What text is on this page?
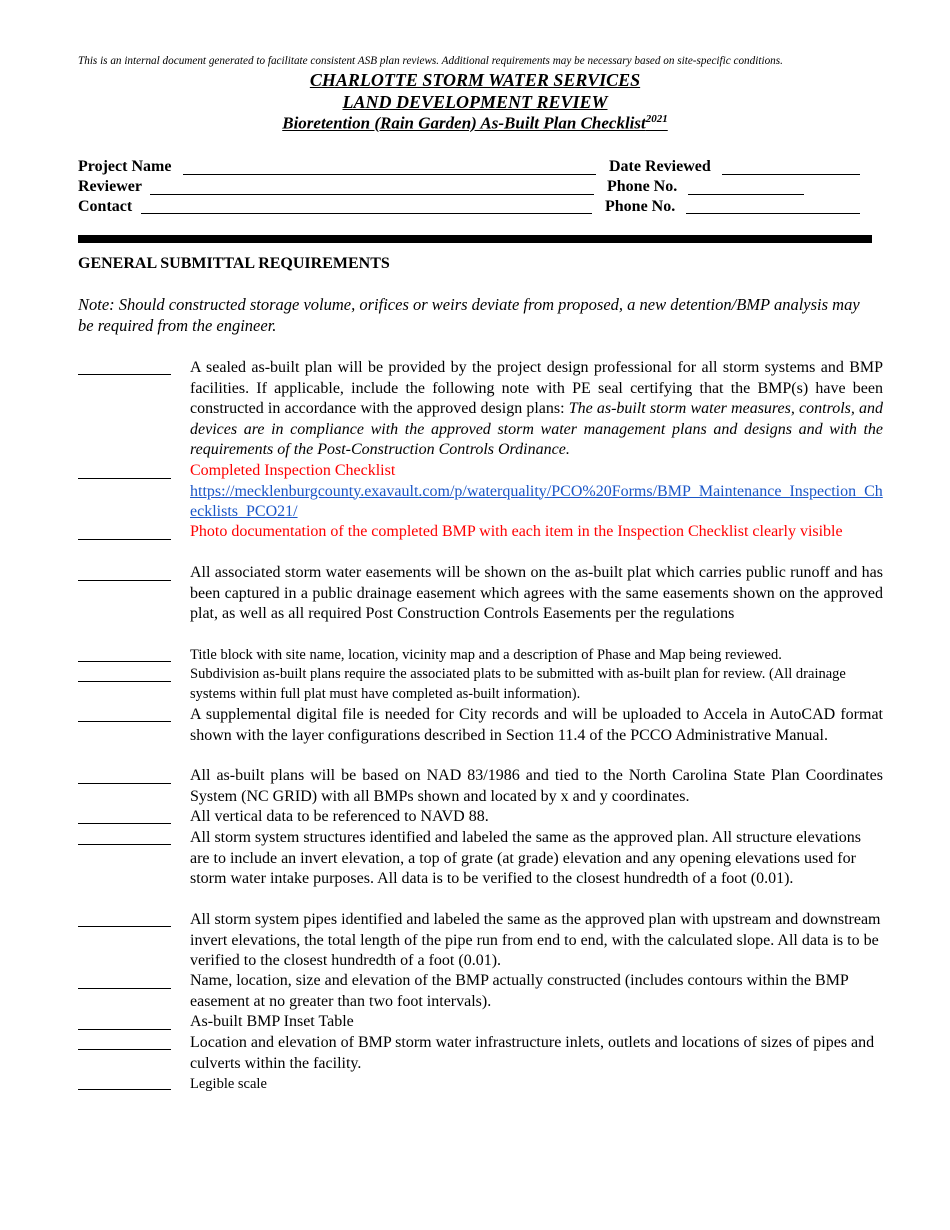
This is an internal document generated to facilitate consistent ASB plan reviews. Additional requirements may be necessary based on site-specific conditions.
CHARLOTTE STORM WATER SERVICES
LAND DEVELOPMENT REVIEW
Bioretention (Rain Garden) As-Built Plan Checklist$^{2021}$
Project Name	Date Reviewed
Reviewer	Phone No.
Contact	Phone No.
GENERAL SUBMITTAL REQUIREMENTS
Note: Should constructed storage volume, orifices or weirs deviate from proposed, a new detention/BMP analysis may be required from the engineer.
A sealed as-built plan will be provided by the project design professional for all storm systems and BMP facilities. If applicable, include the following note with PE seal certifying that the BMP(s) have been constructed in accordance with the approved design plans: The as-built storm water measures, controls, and devices are in compliance with the approved storm water management plans and designs and with the requirements of the Post-Construction Controls Ordinance.
Completed Inspection Checklist
https://mecklenburgcounty.exavault.com/p/waterquality/PCO%20Forms/BMP_Maintenance_Inspection_Checklists_PCO21/
Photo documentation of the completed BMP with each item in the Inspection Checklist clearly visible
All associated storm water easements will be shown on the as-built plat which carries public runoff and has been captured in a public drainage easement which agrees with the same easements shown on the approved plat, as well as all required Post Construction Controls Easements per the regulations
Title block with site name, location, vicinity map and a description of Phase and Map being reviewed.
Subdivision as-built plans require the associated plats to be submitted with as-built plan for review. (All drainage systems within full plat must have completed as-built information).
A supplemental digital file is needed for City records and will be uploaded to Accela in AutoCAD format shown with the layer configurations described in Section 11.4 of the PCCO Administrative Manual.
All as-built plans will be based on NAD 83/1986 and tied to the North Carolina State Plan Coordinates System (NC GRID) with all BMPs shown and located by x and y coordinates.
All vertical data to be referenced to NAVD 88.
All storm system structures identified and labeled the same as the approved plan. All structure elevations are to include an invert elevation, a top of grate (at grade) elevation and any opening elevations used for storm water intake purposes. All data is to be verified to the closest hundredth of a foot (0.01).
All storm system pipes identified and labeled the same as the approved plan with upstream and downstream invert elevations, the total length of the pipe run from end to end, with the calculated slope. All data is to be verified to the closest hundredth of a foot (0.01).
Name, location, size and elevation of the BMP actually constructed (includes contours within the BMP easement at no greater than two foot intervals).
As-built BMP Inset Table
Location and elevation of BMP storm water infrastructure inlets, outlets and locations of sizes of pipes and culverts within the facility.
Legible scale
